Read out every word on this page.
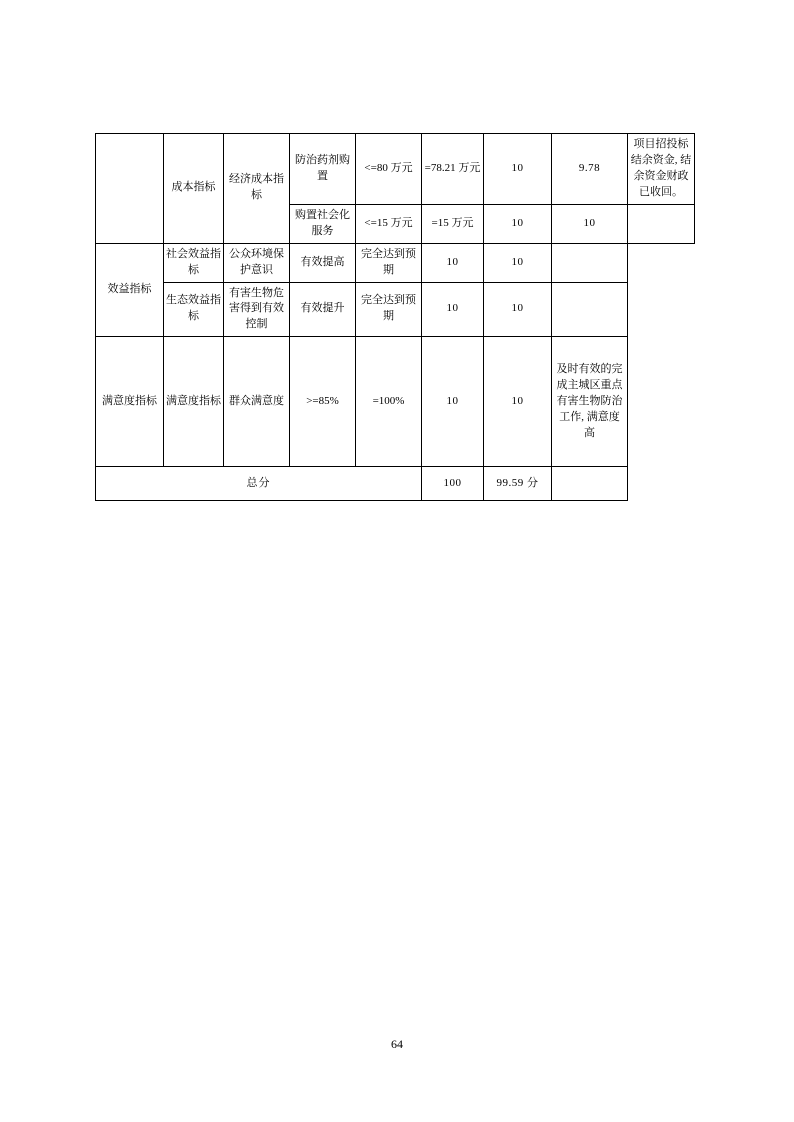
	成本指标	经济成本指标	防治药剂购置	<=80 万元	=78.21 万元	10	9.78	项目招投标结余资金, 结余资金财政已收回。
			购置社会化服务	<=15 万元	=15 万元	10	10	
效益指标	社会效益指标	公众环境保护意识	有效提高	完全达到预期	10	10		
	生态效益指标	有害生物危害得到有效控制	有效提升	完全达到预期	10	10		
满意度指标	满意度指标	群众满意度	>=85%	=100%	10	10	及时有效的完成主城区重点有害生物防治工作, 满意度高	
总分					100	99.59 分		
64
